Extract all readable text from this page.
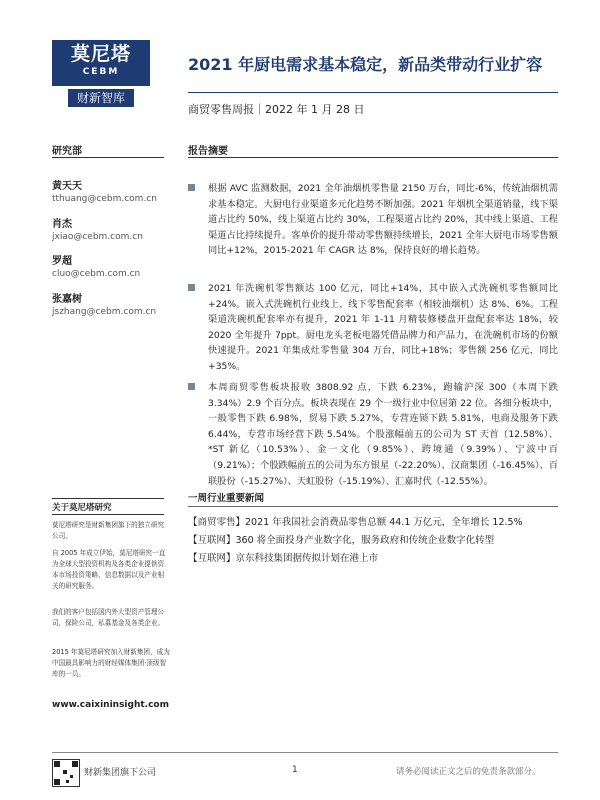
莫尼塔
CEBM
财新智库
2021 年厨电需求基本稳定，新品类带动行业扩容
商贸零售周报｜2022 年 1 月 28 日
研究部	报告摘要
黄天天
tthuang@cebm.com.cn
肖杰
jxiao@cebm.com.cn
罗超
cluo@cebm.com.cn
张嘉树
jszhang@cebm.com.cn
根据 AVC 监测数据，2021 全年油烟机零售量 2150 万台，同比-6%，传统油烟机需求基本稳定。大厨电行业渠道多元化趋势不断加强。2021 年烟机全渠道销量，线下渠道占比约 50%，线上渠道占比约 30%，工程渠道占比约 20%，其中线上渠道、工程渠道占比持续提升。客单价的提升带动零售额持续增长，2021 全年大厨电市场零售额同比+12%，2015-2021 年 CAGR 达 8%，保持良好的增长趋势。
2021 年洗碗机零售额达 100 亿元，同比+14%，其中嵌入式洗碗机零售额同比+24%。嵌入式洗碗机行业线上、线下零售配套率（相较油烟机）达 8%、6%。工程渠道洗碗机配套率亦有提升，2021 年 1-11 月精装修楼盘开盘配套率达 18%，较 2020 全年提升 7ppt。厨电龙头老板电器凭借品牌力和产品力，在洗碗机市场的份额快速提升。2021 年集成灶零售量 304 万台，同比+18%；零售额 256 亿元，同比+35%。
本周商贸零售板块报收 3808.92 点，下跌 6.23%，跑输沪深 300（本周下跌 3.34%）2.9 个百分点。板块表现在 29 个一级行业中位居第 22 位。各细分板块中，一般零售下跌 6.98%，贸易下跌 5.27%，专营连锁下跌 5.81%，电商及服务下跌 6.44%，专营市场经营下跌 5.54%。个股涨幅前五的公司为 ST 天首（12.58%）、*ST 新亿（10.53%）、金一文化（9.85%）、跨境通（9.39%）、宁波中百（9.21%）；个股跌幅前五的公司为东方银星（-22.20%）、汉商集团（-16.45%）、百联股份（-15.27%）、天虹股份（-15.19%）、汇嘉时代（-12.55%）。
一周行业重要新闻
【商贸零售】2021 年我国社会消费品零售总额 44.1 万亿元，全年增长 12.5%
【互联网】360 将全面投身产业数字化，服务政府和传统企业数字化转型
【互联网】京东科技集团据传拟计划在港上市
关于莫尼塔研究
莫尼塔研究是财新集团旗下的独立研究公司。
自 2005 年成立伊始，莫尼塔研究一直为全球大型投资机构及各类企业提供资本市场投资策略、信息数据以及产业相关的研究服务。
我们的客户包括国内外大型资产管理公司，保险公司，私募基金及各类企业。
2015 年莫尼塔研究加入财新集团，成为中国最具影响力的财经媒体集团·顶级智库的一员。
www.caixininsight.com
财新集团旗下公司	1	请务必阅读正文之后的免责条款部分。
